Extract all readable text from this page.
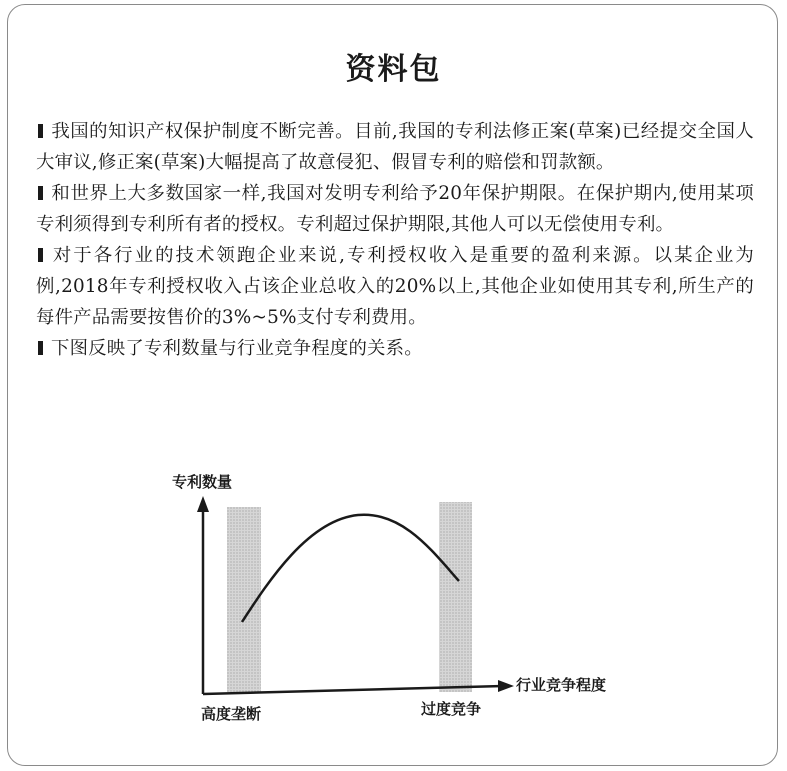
资料包

我国的知识产权保护制度不断完善。目前,我国的专利法修正案(草案)已经提交全国人大审议,修正案(草案)大幅提高了故意侵犯、假冒专利的赔偿和罚款额。

和世界上大多数国家一样,我国对发明专利给予20年保护期限。在保护期内,使用某项专利须得到专利所有者的授权。专利超过保护期限,其他人可以无偿使用专利。

对于各行业的技术领跑企业来说,专利授权收入是重要的盈利来源。以某企业为例,2018年专利授权收入占该企业总收入的20%以上,其他企业如使用其专利,所生产的每件产品需要按售价的3%~5%支付专利费用。

下图反映了专利数量与行业竞争程度的关系。

专利数量
行业竞争程度
高度垄断	过度竞争
